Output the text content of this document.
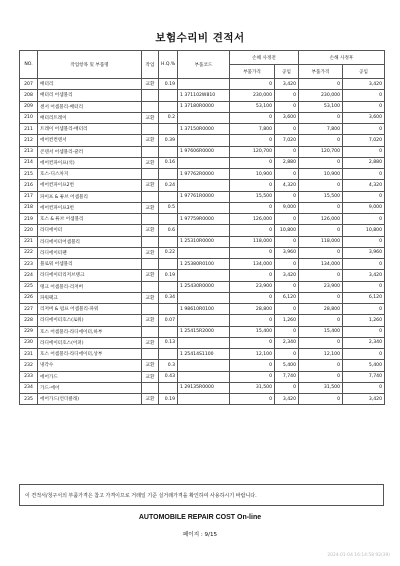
보험수리비 견적서
NO.	작업항목 및 부품명	작업	H.Q.%	부품코드	손해 사정전		손해 사정후	
					부품가격	공임	부품가격	공임
207	배터리	교환	0.19		0	3,420	0	3,420
208	배터리 어셈블리			1 371102W810	230,000	0	230,000	0
209	센서 어셈블리-배터리			1 37180R0000	53,100	0	53,100	0
210	배터리트레이	교환	0.2		0	3,600	0	3,600
211	트레이 어셈블리-배터리			1 37150R0000	7,800	0	7,800	0
212	에어컨컨덴서	교환	0.39		0	7,020	0	7,020
213	콘덴서 어셈블리-쿨러			1 97606R0000	120,700	0	120,700	0
214	에어컨파이프(석)	교환	0.16		0	2,880	0	2,880
215	호스-디스차지			1 97762R0000	10,900	0	10,900	0
216	에어컨파이프2번	교환	0.24		0	4,320	0	4,320
217	파이프 & 튜브 어셈블리			1 97761R0000	15,500	0	15,500	0
218	에어컨파이프3번	교환	0.5		0	9,000	0	9,000
219	호스 & 튜브 어셈블리			1 97759R0000	126,000	0	126,000	0
220	라디에이터	교환	0.6		0	10,800	0	10,800
221	라디에이터어셈블리			1 25310R0000	118,000	0	118,000	0
222	라디에이터팬	교환	0.22		0	3,960	0	3,960
223	블로워 어셈블리			1 25380R0100	134,000	0	134,000	0
224	라디에이터리저브탱크	교환	0.19		0	3,420	0	3,420
225	탱크 어셈블리-리저버			1 25430R0000	23,900	0	23,900	0
226	파워팩크	교환	0.34		0	6,120	0	6,120
227	리저버 & 펌프 어셈블리-파워			1 98610R0100	28,800	0	28,800	0
228	라디에이터호스(로워)	교환	0.07		0	1,260	0	1,260
229	호스 어셈블리-라디에이터,하부			1 25415R2000	15,400	0	15,400	0
230	라디에이터호스(어퍼)	교환	0.13		0	2,340	0	2,340
231	호스 어셈블리-라디에이터,상부			1 25414S1100	12,100	0	12,100	0
232	냉각수	교환	0.3		0	5,400	0	5,400
233	에어가드	교환	0.43		0	7,740	0	7,740
234	가드-에어			1 29135R0000	31,500	0	31,500	0
235	에어가드(언더클래)	교환	0.19		0	3,420	0	3,420
이 견적서/청구서의 부품가격은 참고 가격이므로 거래일 기준 실거래가격을 확인하여 사용하시기 바랍니다.
AUTOMOBILE REPAIR COST On-line
페이지 : 9/15
2024-01-04 16:14:58 92(39)
